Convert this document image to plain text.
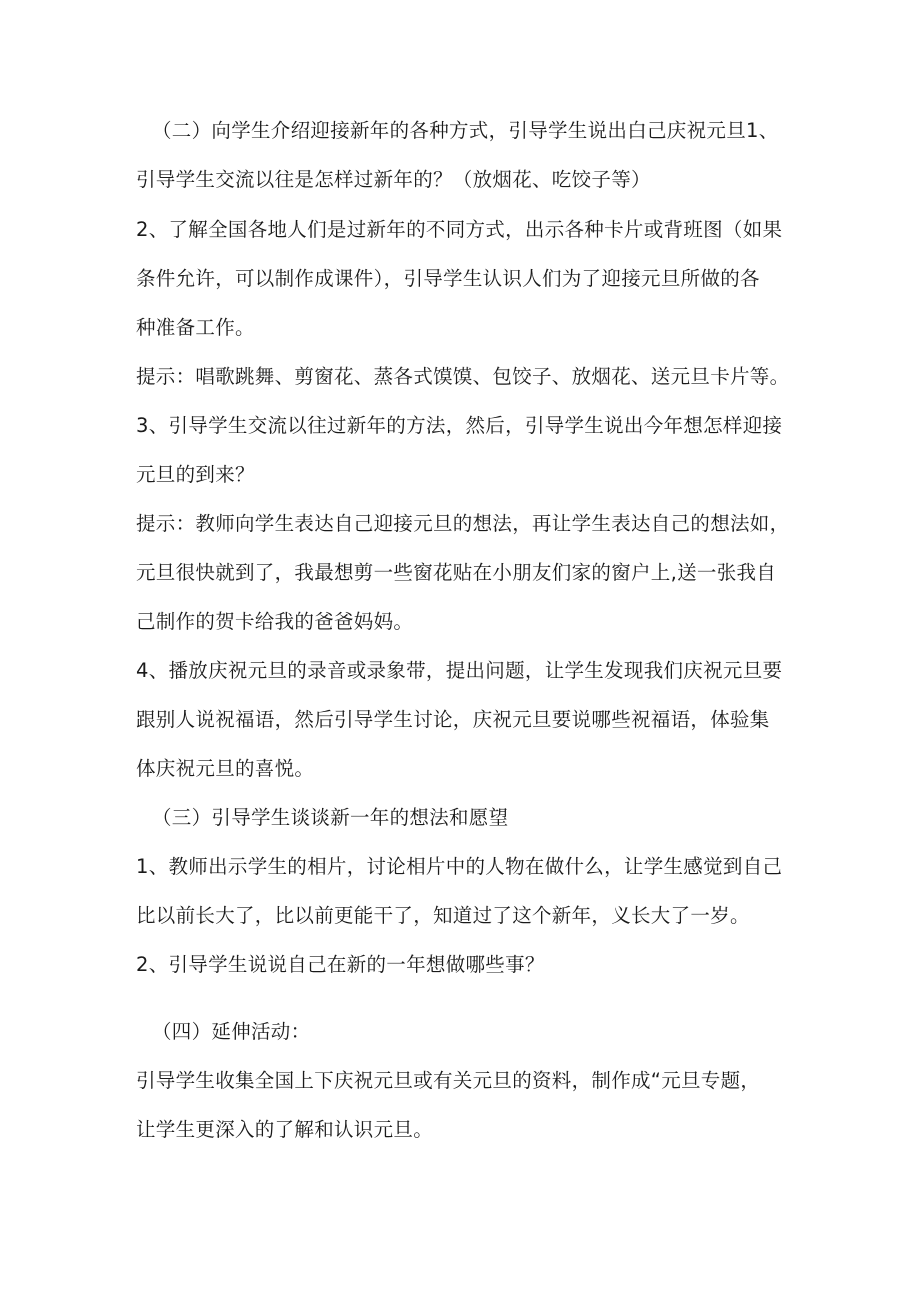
（二）向学生介绍迎接新年的各种方式，引导学生说出白己庆祝元旦1、
引导学生交流以往是怎样过新年的？（放烟花、吃饺子等）
2、了解全国各地人们是过新年的不同方式，出示各种卡片或背班图（如果
条件允许，可以制作成课件），引导学生认识人们为了迎接元旦所做的各
种准备工作。
提示：唱歌跳舞、剪窗花、蒸各式馍馍、包饺子、放烟花、送元旦卡片等。
3、引导学生交流以往过新年的方法，然后，引导学生说出今年想怎样迎接
元旦的到来？
提示：教师向学生表达自己迎接元旦的想法，再让学生表达自己的想法如，
元旦很快就到了，我最想剪一些窗花贴在小朋友们家的窗户上,送一张我自
己制作的贺卡给我的爸爸妈妈。
4、播放庆祝元旦的录音或录象带，提出问题，让学生发现我们庆祝元旦要
跟别人说祝福语，然后引导学生讨论，庆祝元旦要说哪些祝福语，体验集
体庆祝元旦的喜悦。
（三）引导学生谈谈新一年的想法和愿望
1、教师出示学生的相片，讨论相片中的人物在做什么，让学生感觉到自己
比以前长大了，比以前更能干了，知道过了这个新年，义长大了一岁。
2、引导学生说说自己在新的一年想做哪些事？
（四）延伸活动：
引导学生收集全国上下庆祝元旦或有关元旦的资料，制作成“元旦专题，
让学生更深入的了解和认识元旦。
